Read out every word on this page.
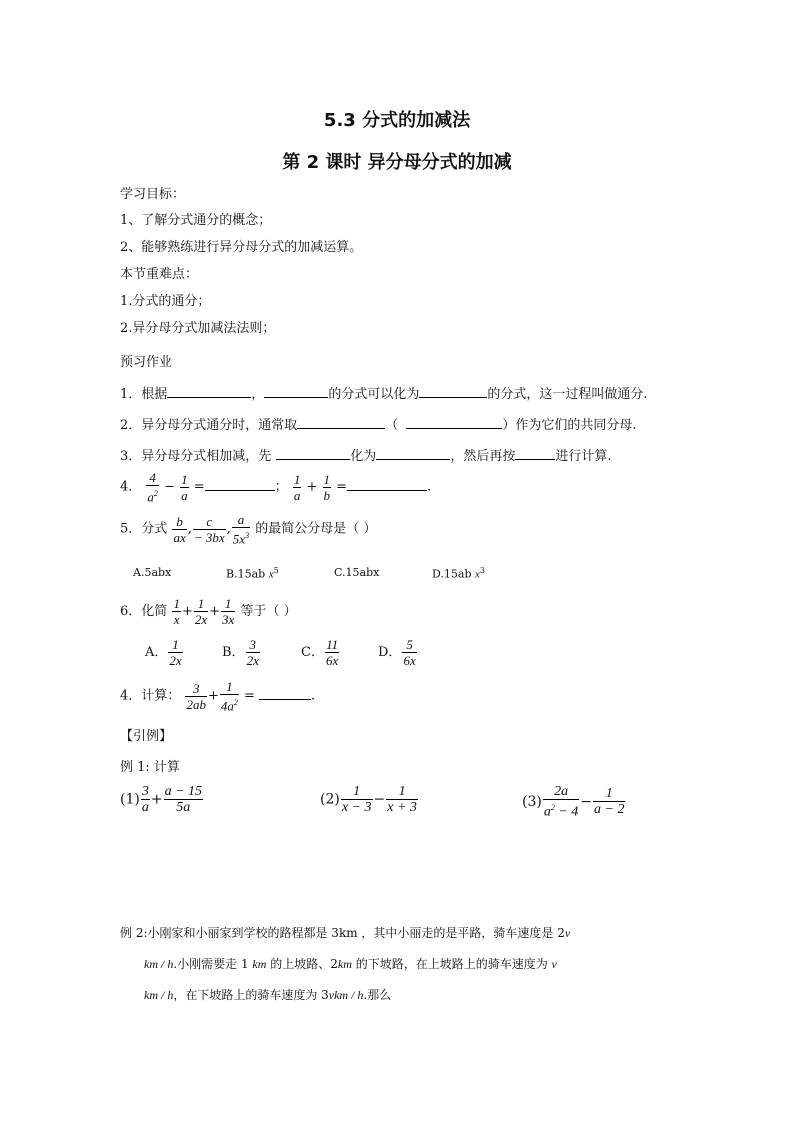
5.3 分式的加减法
第 2 课时 异分母分式的加减
学习目标：
1、了解分式通分的概念；
2、能够熟练进行异分母分式的加减运算。
本节重难点：
1.分式的通分；
2.异分母分式加减法法则；
预习作业
1．根据	，	的分式可以化为	的分式，这一过程叫做通分.
2．异分母分式通分时，通常取	（	）作为它们的共同分母.
3．异分母分式相加减，先	化为	，然后再按	进行计算.
4． $\frac{4}{a^2} - \frac{1}{a}$ =	； $\frac{1}{a} + \frac{1}{b}$ =	.
5．分式 $\frac{b}{ax}$ , $\frac{c}{- 3bx}$ , $\frac{a}{5x^3}$ 的最简公分母是（ ）
A.5abx	B.15ab $x^5$	C.15abx	D.15ab $x^3$
6．化简 $\frac{1}{x} + \frac{1}{2x} + \frac{1}{3x}$ 等于（ ）
A． $\frac{1}{2x}$	B． $\frac{3}{2x}$	C． $\frac{11}{6x}$	D． $\frac{5}{6x}$
4．计算： $\frac{3}{2ab} + \frac{1}{4a^2}$ =	.
【引例】
例 1: 计算
$(1) \frac{3}{a} + \frac{a - 15}{5a}$	$(2) \frac{1}{x - 3} - \frac{1}{x + 3}$	$(3) \frac{2a}{a^2 - 4} - \frac{1}{a - 2}$
例 2:小刚家和小丽家到学校的路程都是 3km ，其中小丽走的是平路，骑车速度是 2v
km / h.小刚需要走 1 km 的上坡路、2km 的下坡路，在上坡路上的骑车速度为 v
km / h，在下坡路上的骑车速度为 3vkm / h.那么
